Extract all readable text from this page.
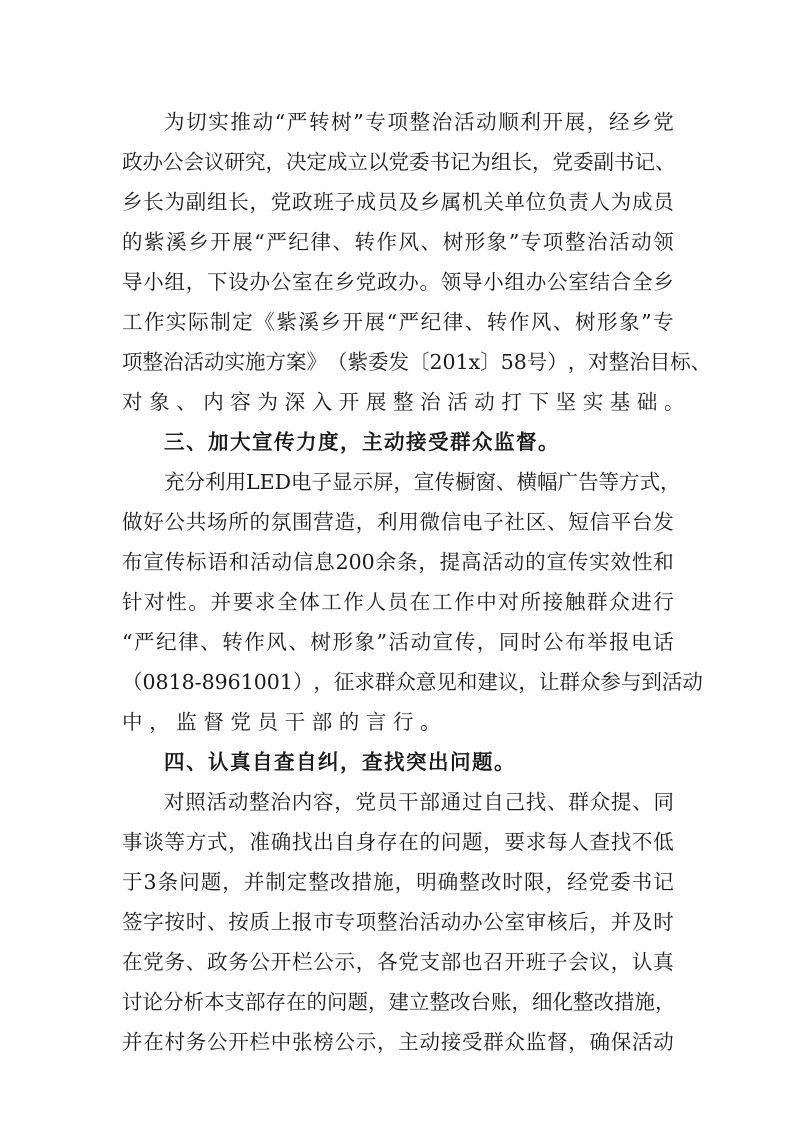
为 切 实 推 动 “ 严 转 树 ” 专 项 整 治 活 动 顺 利 开 展 ， 经 乡 党
政 办 公 会 议 研 究 ， 决 定 成 立 以 党 委 书 记 为 组 长 ， 党 委 副 书 记 、
乡 长 为 副 组 长 ， 党 政 班 子 成 员 及 乡 属 机 关 单 位 负 责 人 为 成 员
的 紫 溪 乡 开 展 “ 严 纪 律 、 转 作 风 、 树 形 象 ” 专 项 整 治 活 动 领
导 小 组 ， 下 设 办 公 室 在 乡 党 政 办 。 领 导 小 组 办 公 室 结 合 全 乡
工 作 实 际 制 定 《 紫 溪 乡 开 展 “ 严 纪 律 、 转 作 风 、 树 形 象 ” 专
项 整 治 活 动 实 施 方 案 》 （ 紫 委 发 〔 201x 〕 58 号 ） ， 对 整 治 目 标 、
对象、内容为深入开展整治活动打下坚实基础。
三、加大宣传力度，主动接受群众监督。
充 分 利 用 LED 电 子 显 示 屏 ， 宣 传 橱 窗 、 横 幅 广 告 等 方 式 ，
做 好 公 共 场 所 的 氛 围 营 造 ， 利 用 微 信 电 子 社 区 、 短 信 平 台 发
布 宣 传 标 语 和 活 动 信 息 200 余 条 ， 提 高 活 动 的 宣 传 实 效 性 和
针 对 性 。 并 要 求 全 体 工 作 人 员 在 工 作 中 对 所 接 触 群 众 进 行
“ 严 纪 律 、 转 作 风 、 树 形 象 ” 活 动 宣 传 ， 同 时 公 布 举 报 电 话
（ 0818-8961001 ） ， 征 求 群 众 意 见 和 建 议 ， 让 群 众 参 与 到 活 动
中，监督党员干部的言行。
四、认真自查自纠，查找突出问题。
对 照 活 动 整 治 内 容 ， 党 员 干 部 通 过 自 己 找 、 群 众 提 、 同
事 谈 等 方 式 ， 准 确 找 出 自 身 存 在 的 问 题 ， 要 求 每 人 查 找 不 低
于 3 条 问 题 ， 并 制 定 整 改 措 施 ， 明 确 整 改 时 限 ， 经 党 委 书 记
签 字 按 时 、 按 质 上 报 市 专 项 整 治 活 动 办 公 室 审 核 后 ， 并 及 时
在 党 务 、 政 务 公 开 栏 公 示 ， 各 党 支 部 也 召 开 班 子 会 议 ， 认 真
讨 论 分 析 本 支 部 存 在 的 问 题 ， 建 立 整 改 台 账 ， 细 化 整 改 措 施 ，
并 在 村 务 公 开 栏 中 张 榜 公 示 ， 主 动 接 受 群 众 监 督 ， 确 保 活 动
